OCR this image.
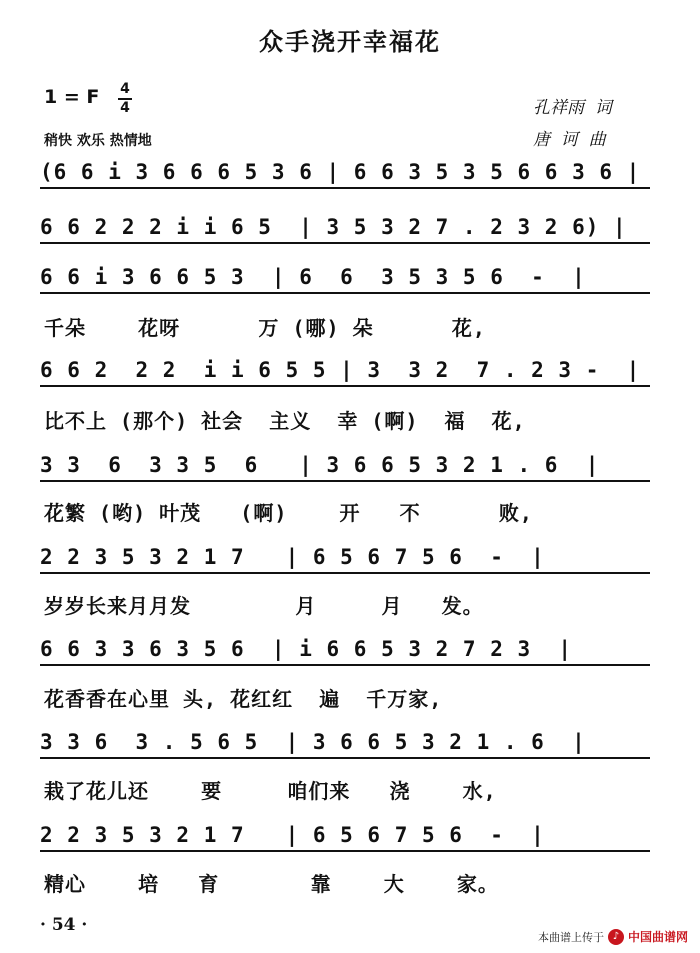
众手浇开幸福花
1 = F 4
4
稍快 欢乐 热情地
孔祥雨  词
唐  诃  曲
(6 6 i 3 6 6 6 5 3 6 | 6 6 3 5 3 5 6 6 3 6 |
6 6 2 2 2 i i 6 5  | 3 5 3 2 7 . 2 3 2 6) |
6 6 i 3 6 6 5 3  | 6  6  3 5 3 5 6  -  |
千朵    花呀      万 (哪) 朵      花,
6 6 2  2 2  i i 6 5 5 | 3  3 2  7 . 2 3 -  |
比不上 (那个) 社会  主义  幸 (啊)  福  花,
3 3  6  3 3 5  6   | 3 6 6 5 3 2 1 . 6  |
花繁 (哟) 叶茂   (啊)    开   不      败,
2 2 3 5 3 2 1 7   | 6 5 6 7 5 6  -  |
岁岁长来月月发        月     月   发。
6 6 3 3 6 3 5 6  | i 6 6 5 3 2 7 2 3  |
花香香在心里 头, 花红红  遍  千万家,
3 3 6  3 . 5 6 5  | 3 6 6 5 3 2 1 . 6  |
栽了花儿还    要     咱们来   浇    水,
2 2 3 5 3 2 1 7   | 6 5 6 7 5 6  -  |
精心    培   育       靠    大    家。
· 54 ·
本曲谱上传于 ♪ 中国曲谱网
